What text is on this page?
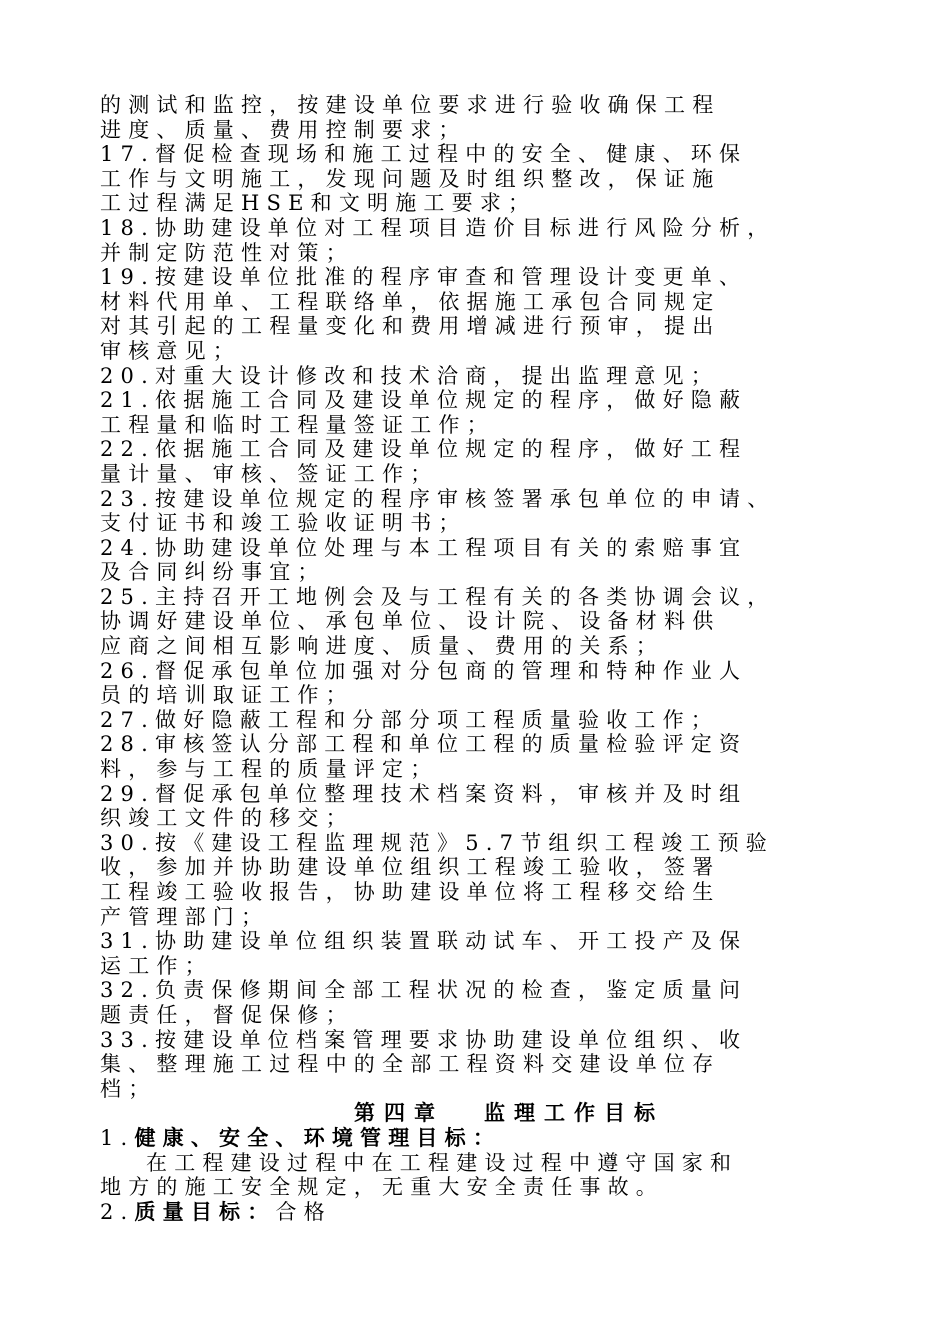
的测试和监控，按建设单位要求进行验收确保工程
进度、质量、费用控制要求；
17.督促检查现场和施工过程中的安全、健康、环保
工作与文明施工，发现问题及时组织整改，保证施
工过程满足HSE和文明施工要求；
18.协助建设单位对工程项目造价目标进行风险分析，
并制定防范性对策；
19.按建设单位批准的程序审查和管理设计变更单、
材料代用单、工程联络单，依据施工承包合同规定
对其引起的工程量变化和费用增减进行预审，提出
审核意见；
20.对重大设计修改和技术洽商，提出监理意见；
21.依据施工合同及建设单位规定的程序，做好隐蔽
工程量和临时工程量签证工作；
22.依据施工合同及建设单位规定的程序，做好工程
量计量、审核、签证工作；
23.按建设单位规定的程序审核签署承包单位的申请、
支付证书和竣工验收证明书；
24.协助建设单位处理与本工程项目有关的索赔事宜
及合同纠纷事宜；
25.主持召开工地例会及与工程有关的各类协调会议，
协调好建设单位、承包单位、设计院、设备材料供
应商之间相互影响进度、质量、费用的关系；
26.督促承包单位加强对分包商的管理和特种作业人
员的培训取证工作；
27.做好隐蔽工程和分部分项工程质量验收工作；
28.审核签认分部工程和单位工程的质量检验评定资
料，参与工程的质量评定；
29.督促承包单位整理技术档案资料，审核并及时组
织竣工文件的移交；
30.按《建设工程监理规范》5.7节组织工程竣工预验
收，参加并协助建设单位组织工程竣工验收，签署
工程竣工验收报告，协助建设单位将工程移交给生
产管理部门；
31.协助建设单位组织装置联动试车、开工投产及保
运工作；
32.负责保修期间全部工程状况的检查，鉴定质量问
题责任，督促保修；
33.按建设单位档案管理要求协助建设单位组织、收
集、整理施工过程中的全部工程资料交建设单位存
档；
第四章 监理工作目标
1.健康、安全、环境管理目标：
在工程建设过程中在工程建设过程中遵守国家和
地方的施工安全规定，无重大安全责任事故。
2.质量目标：合格
